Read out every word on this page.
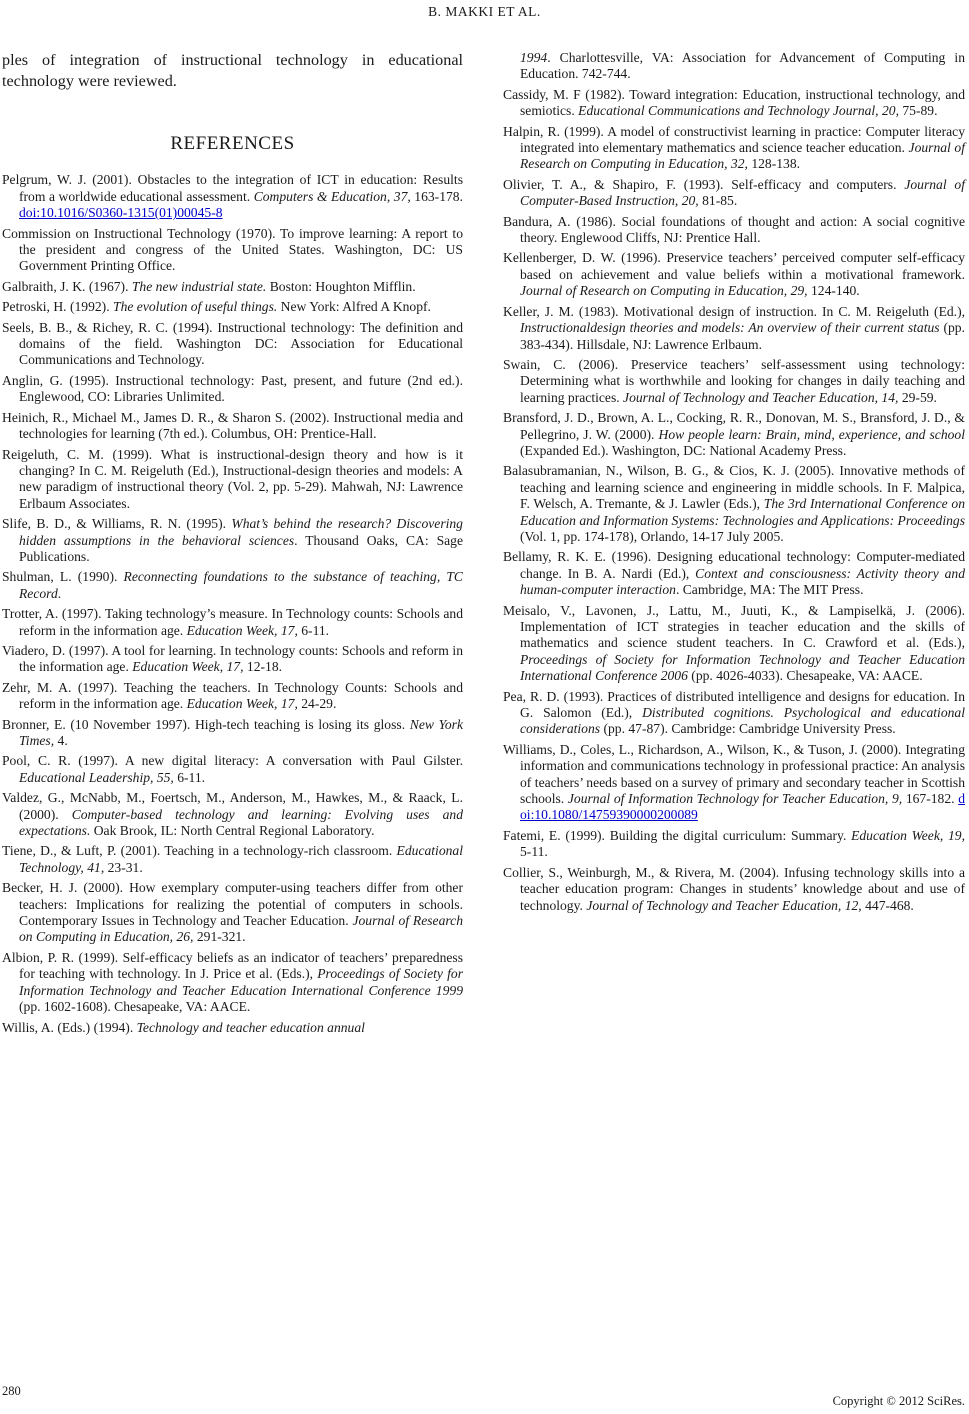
B. MAKKI ET AL.

ples of integration of instructional technology in educational technology were reviewed.

REFERENCES

Pelgrum, W. J. (2001). Obstacles to the integration of ICT in education: Results from a worldwide educational assessment. Computers & Education, 37, 163-178. doi:10.1016/S0360-1315(01)00045-8

Commission on Instructional Technology (1970). To improve learning: A report to the president and congress of the United States. Washington, DC: US Government Printing Office.

Galbraith, J. K. (1967). The new industrial state. Boston: Houghton Mifflin.

Petroski, H. (1992). The evolution of useful things. New York: Alfred A Knopf.

Seels, B. B., & Richey, R. C. (1994). Instructional technology: The definition and domains of the field. Washington DC: Association for Educational Communications and Technology.

Anglin, G. (1995). Instructional technology: Past, present, and future (2nd ed.). Englewood, CO: Libraries Unlimited.

Heinich, R., Michael M., James D. R., & Sharon S. (2002). Instructional media and technologies for learning (7th ed.). Columbus, OH: Prentice-Hall.

Reigeluth, C. M. (1999). What is instructional-design theory and how is it changing? In C. M. Reigeluth (Ed.), Instructional-design theories and models: A new paradigm of instructional theory (Vol. 2, pp. 5-29). Mahwah, NJ: Lawrence Erlbaum Associates.

Slife, B. D., & Williams, R. N. (1995). What’s behind the research? Discovering hidden assumptions in the behavioral sciences. Thousand Oaks, CA: Sage Publications.

Shulman, L. (1990). Reconnecting foundations to the substance of teaching, TC Record.

Trotter, A. (1997). Taking technology’s measure. In Technology counts: Schools and reform in the information age. Education Week, 17, 6-11.

Viadero, D. (1997). A tool for learning. In technology counts: Schools and reform in the information age. Education Week, 17, 12-18.

Zehr, M. A. (1997). Teaching the teachers. In Technology Counts: Schools and reform in the information age. Education Week, 17, 24-29.

Bronner, E. (10 November 1997). High-tech teaching is losing its gloss. New York Times, 4.

Pool, C. R. (1997). A new digital literacy: A conversation with Paul Gilster. Educational Leadership, 55, 6-11.

Valdez, G., McNabb, M., Foertsch, M., Anderson, M., Hawkes, M., & Raack, L. (2000). Computer-based technology and learning: Evolving uses and expectations. Oak Brook, IL: North Central Regional Laboratory.

Tiene, D., & Luft, P. (2001). Teaching in a technology-rich classroom. Educational Technology, 41, 23-31.

Becker, H. J. (2000). How exemplary computer-using teachers differ from other teachers: Implications for realizing the potential of computers in schools. Contemporary Issues in Technology and Teacher Education. Journal of Research on Computing in Education, 26, 291-321.

Albion, P. R. (1999). Self-efficacy beliefs as an indicator of teachers’ preparedness for teaching with technology. In J. Price et al. (Eds.), Proceedings of Society for Information Technology and Teacher Education International Conference 1999 (pp. 1602-1608). Chesapeake, VA: AACE.

Willis, A. (Eds.) (1994). Technology and teacher education annual

1994. Charlottesville, VA: Association for Advancement of Computing in Education. 742-744.

Cassidy, M. F (1982). Toward integration: Education, instructional technology, and semiotics. Educational Communications and Technology Journal, 20, 75-89.

Halpin, R. (1999). A model of constructivist learning in practice: Computer literacy integrated into elementary mathematics and science teacher education. Journal of Research on Computing in Education, 32, 128-138.

Olivier, T. A., & Shapiro, F. (1993). Self-efficacy and computers. Journal of Computer-Based Instruction, 20, 81-85.

Bandura, A. (1986). Social foundations of thought and action: A social cognitive theory. Englewood Cliffs, NJ: Prentice Hall.

Kellenberger, D. W. (1996). Preservice teachers’ perceived computer self-efficacy based on achievement and value beliefs within a motivational framework. Journal of Research on Computing in Education, 29, 124-140.

Keller, J. M. (1983). Motivational design of instruction. In C. M. Reigeluth (Ed.), Instructionaldesign theories and models: An overview of their current status (pp. 383-434). Hillsdale, NJ: Lawrence Erlbaum.

Swain, C. (2006). Preservice teachers’ self-assessment using technology: Determining what is worthwhile and looking for changes in daily teaching and learning practices. Journal of Technology and Teacher Education, 14, 29-59.

Bransford, J. D., Brown, A. L., Cocking, R. R., Donovan, M. S., Bransford, J. D., & Pellegrino, J. W. (2000). How people learn: Brain, mind, experience, and school (Expanded Ed.). Washington, DC: National Academy Press.

Balasubramanian, N., Wilson, B. G., & Cios, K. J. (2005). Innovative methods of teaching and learning science and engineering in middle schools. In F. Malpica, F. Welsch, A. Tremante, & J. Lawler (Eds.), The 3rd International Conference on Education and Information Systems: Technologies and Applications: Proceedings (Vol. 1, pp. 174-178), Orlando, 14-17 July 2005.

Bellamy, R. K. E. (1996). Designing educational technology: Computer-mediated change. In B. A. Nardi (Ed.), Context and consciousness: Activity theory and human-computer interaction. Cambridge, MA: The MIT Press.

Meisalo, V., Lavonen, J., Lattu, M., Juuti, K., & Lampiselkä, J. (2006). Implementation of ICT strategies in teacher education and the skills of mathematics and science student teachers. In C. Crawford et al. (Eds.), Proceedings of Society for Information Technology and Teacher Education International Conference 2006 (pp. 4026-4033). Chesapeake, VA: AACE.

Pea, R. D. (1993). Practices of distributed intelligence and designs for education. In G. Salomon (Ed.), Distributed cognitions. Psychological and educational considerations (pp. 47-87). Cambridge: Cambridge University Press.

Williams, D., Coles, L., Richardson, A., Wilson, K., & Tuson, J. (2000). Integrating information and communications technology in professional practice: An analysis of teachers’ needs based on a survey of primary and secondary teacher in Scottish schools. Journal of Information Technology for Teacher Education, 9, 167-182. doi:10.1080/14759390000200089

Fatemi, E. (1999). Building the digital curriculum: Summary. Education Week, 19, 5-11.

Collier, S., Weinburgh, M., & Rivera, M. (2004). Infusing technology skills into a teacher education program: Changes in students’ knowledge about and use of technology. Journal of Technology and Teacher Education, 12, 447-468.

280
Copyright © 2012 SciRes.
